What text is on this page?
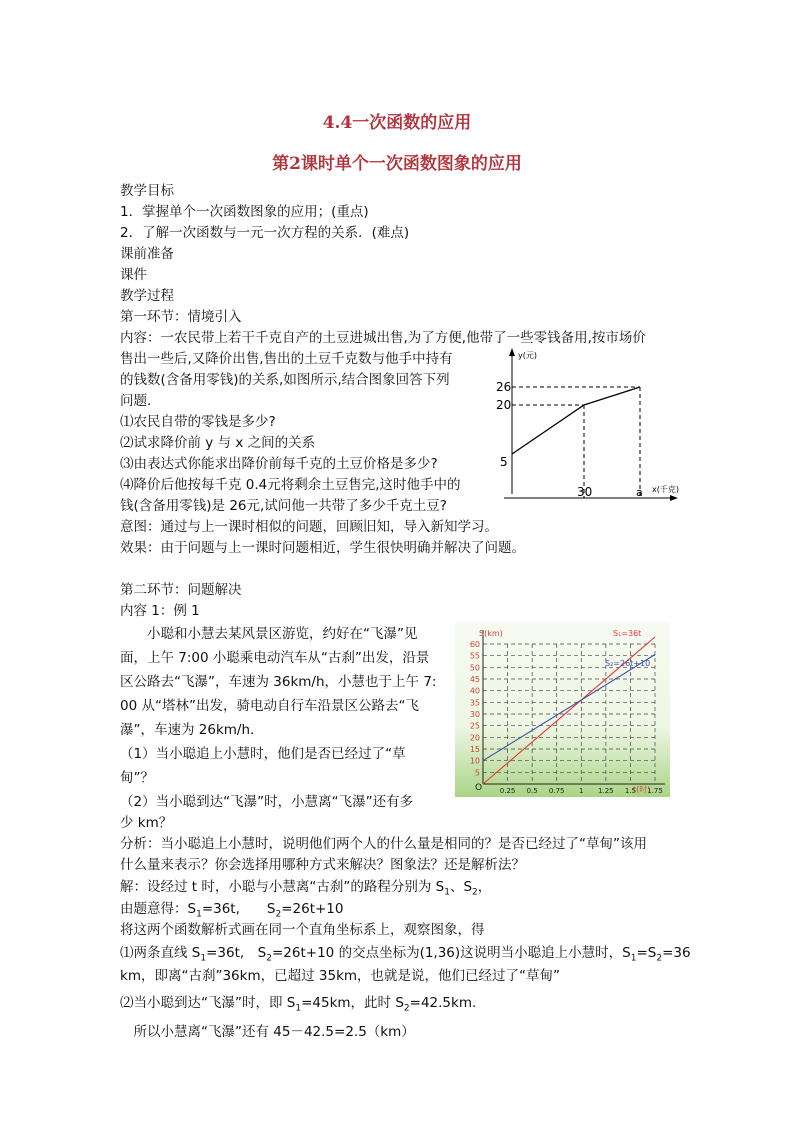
4.4一次函数的应用
第2课时单个一次函数图象的应用
教学目标
1．掌握单个一次函数图象的应用；(重点)
2．了解一次函数与一元一次方程的关系．(难点)
课前准备
课件
教学过程
第一环节：情境引入
内容：一农民带上若干千克自产的土豆进城出售,为了方便,他带了一些零钱备用,按市场价
售出一些后,又降价出售,售出的土豆千克数与他手中持有
的钱数(含备用零钱)的关系,如图所示,结合图象回答下列
问题.
⑴农民自带的零钱是多少?
⑵试求降价前 y 与 x 之间的关系
⑶由表达式你能求出降价前每千克的土豆价格是多少?
⑷降价后他按每千克 0.4元将剩余土豆售完,这时他手中的
钱(含备用零钱)是 26元,试问他一共带了多少千克土豆?
意图：通过与上一课时相似的问题，回顾旧知，导入新知学习。
效果：由于问题与上一课时问题相近，学生很快明确并解决了问题。
y(元)
x(千克)
26
20
5
30	a
第二环节：问题解决
内容 1：例 1
　　小聪和小慧去某风景区游览，约好在“飞瀑”见
面，上午 7:00 小聪乘电动汽车从“古刹”出发，沿景
区公路去“飞瀑”，车速为 36km/h，小慧也于上午 7:
00 从“塔林”出发，骑电动自行车沿景区公路去“飞
瀑”，车速为 26km/h．
（1）当小聪追上小慧时，他们是否已经过了“草
甸”？
（2）当小聪到达“飞瀑”时，小慧离“飞瀑”还有多
少 km？
分析：当小聪追上小慧时，说明他们两个人的什么量是相同的？是否已经过了“草甸”该用
什么量来表示？你会选择用哪种方式来解决？图象法？还是解析法？
解：设经过 t 时，小聪与小慧离“古刹”的路程分别为 $S_1$、$S_2$，
由题意得：$S_1=36t$,　　$S_2=26t+10$
将这两个函数解析式画在同一个直角坐标系上，观察图象，得
⑴两条直线 $S_1=36t$,　$S_2=26t+10$ 的交点坐标为(1,36)这说明当小聪追上小慧时，$S_1=S_2=36$
km，即离“古刹”36km，已超过 35km，也就是说，他们已经过了“草甸”
⑵当小聪到达“飞瀑”时，即 $S_1=45km$，此时 $S_2=42.5km$.
　所以小慧离“飞瀑”还有 45－42.5=2.5（km）
5
10
15
20
25
30
35
40
45
50
55
60
0.25 0.5 0.75 1 1.25 1.5 1.75
S(km)
t(时)
S₁=36t
S₂=26t+10
O
